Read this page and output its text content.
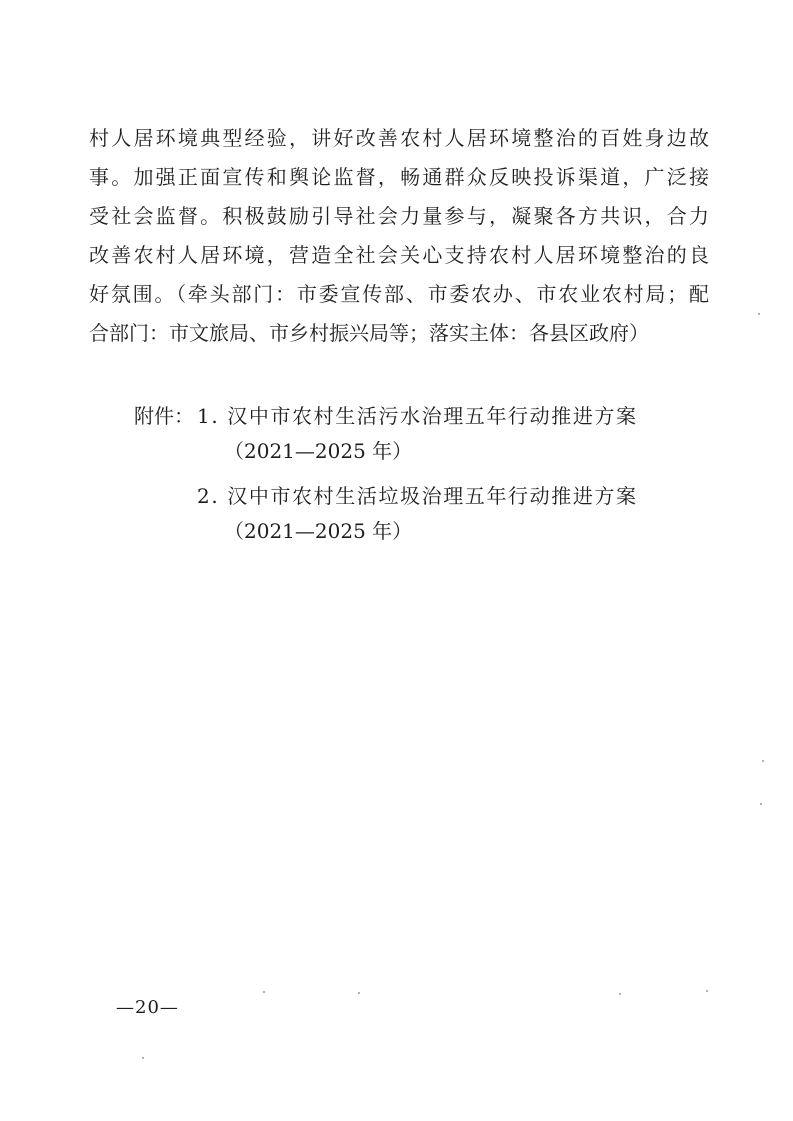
村人居环境典型经验，讲好改善农村人居环境整治的百姓身边故
事。加强正面宣传和舆论监督，畅通群众反映投诉渠道，广泛接
受社会监督。积极鼓励引导社会力量参与，凝聚各方共识，合力
改善农村人居环境，营造全社会关心支持农村人居环境整治的良
好氛围。（牵头部门：市委宣传部、市委农办、市农业农村局；配
合部门：市文旅局、市乡村振兴局等；落实主体：各县区政府）
附件： 1. 汉中市农村生活污水治理五年行动推进方案
（2021—2025 年）
2. 汉中市农村生活垃圾治理五年行动推进方案
（2021—2025 年）
—20—
